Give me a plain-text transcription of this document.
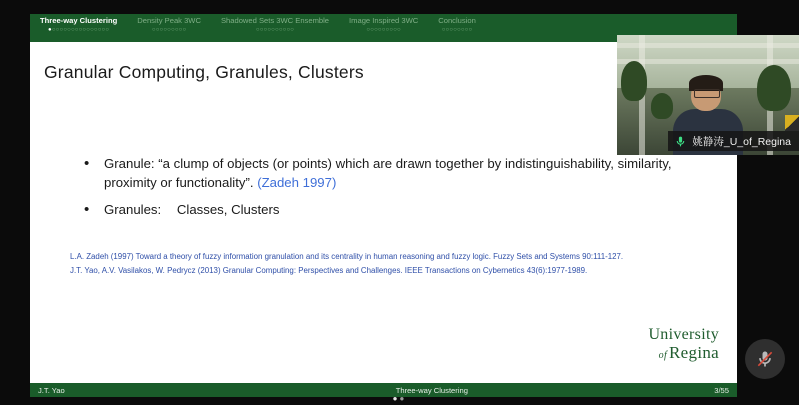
Three-way Clustering
●○○○○○○○○○○○○○○○
Density Peak 3WC
○○○○○○○○○
Shadowed Sets 3WC Ensemble
○○○○○○○○○○
Image Inspired 3WC
○○○○○○○○○
Conclusion
○○○○○○○○
Granular Computing, Granules, Clusters
• Granule: “a clump of objects (or points) which are drawn together by indistinguishability, similarity, proximity or functionality”. (Zadeh 1997)
• Granules: Classes, Clusters

L.A. Zadeh (1997) Toward a theory of fuzzy information granulation and its centrality in human reasoning and fuzzy logic. Fuzzy Sets and Systems 90:111-127.

J.T. Yao, A.V. Vasilakos, W. Pedrycz (2013) Granular Computing: Perspectives and Challenges. IEEE Transactions on Cybernetics 43(6):1977-1989.

University
of Regina
J.T. Yao	Three-way Clustering	3/55
●●
姚静涛_U_of_Regina
